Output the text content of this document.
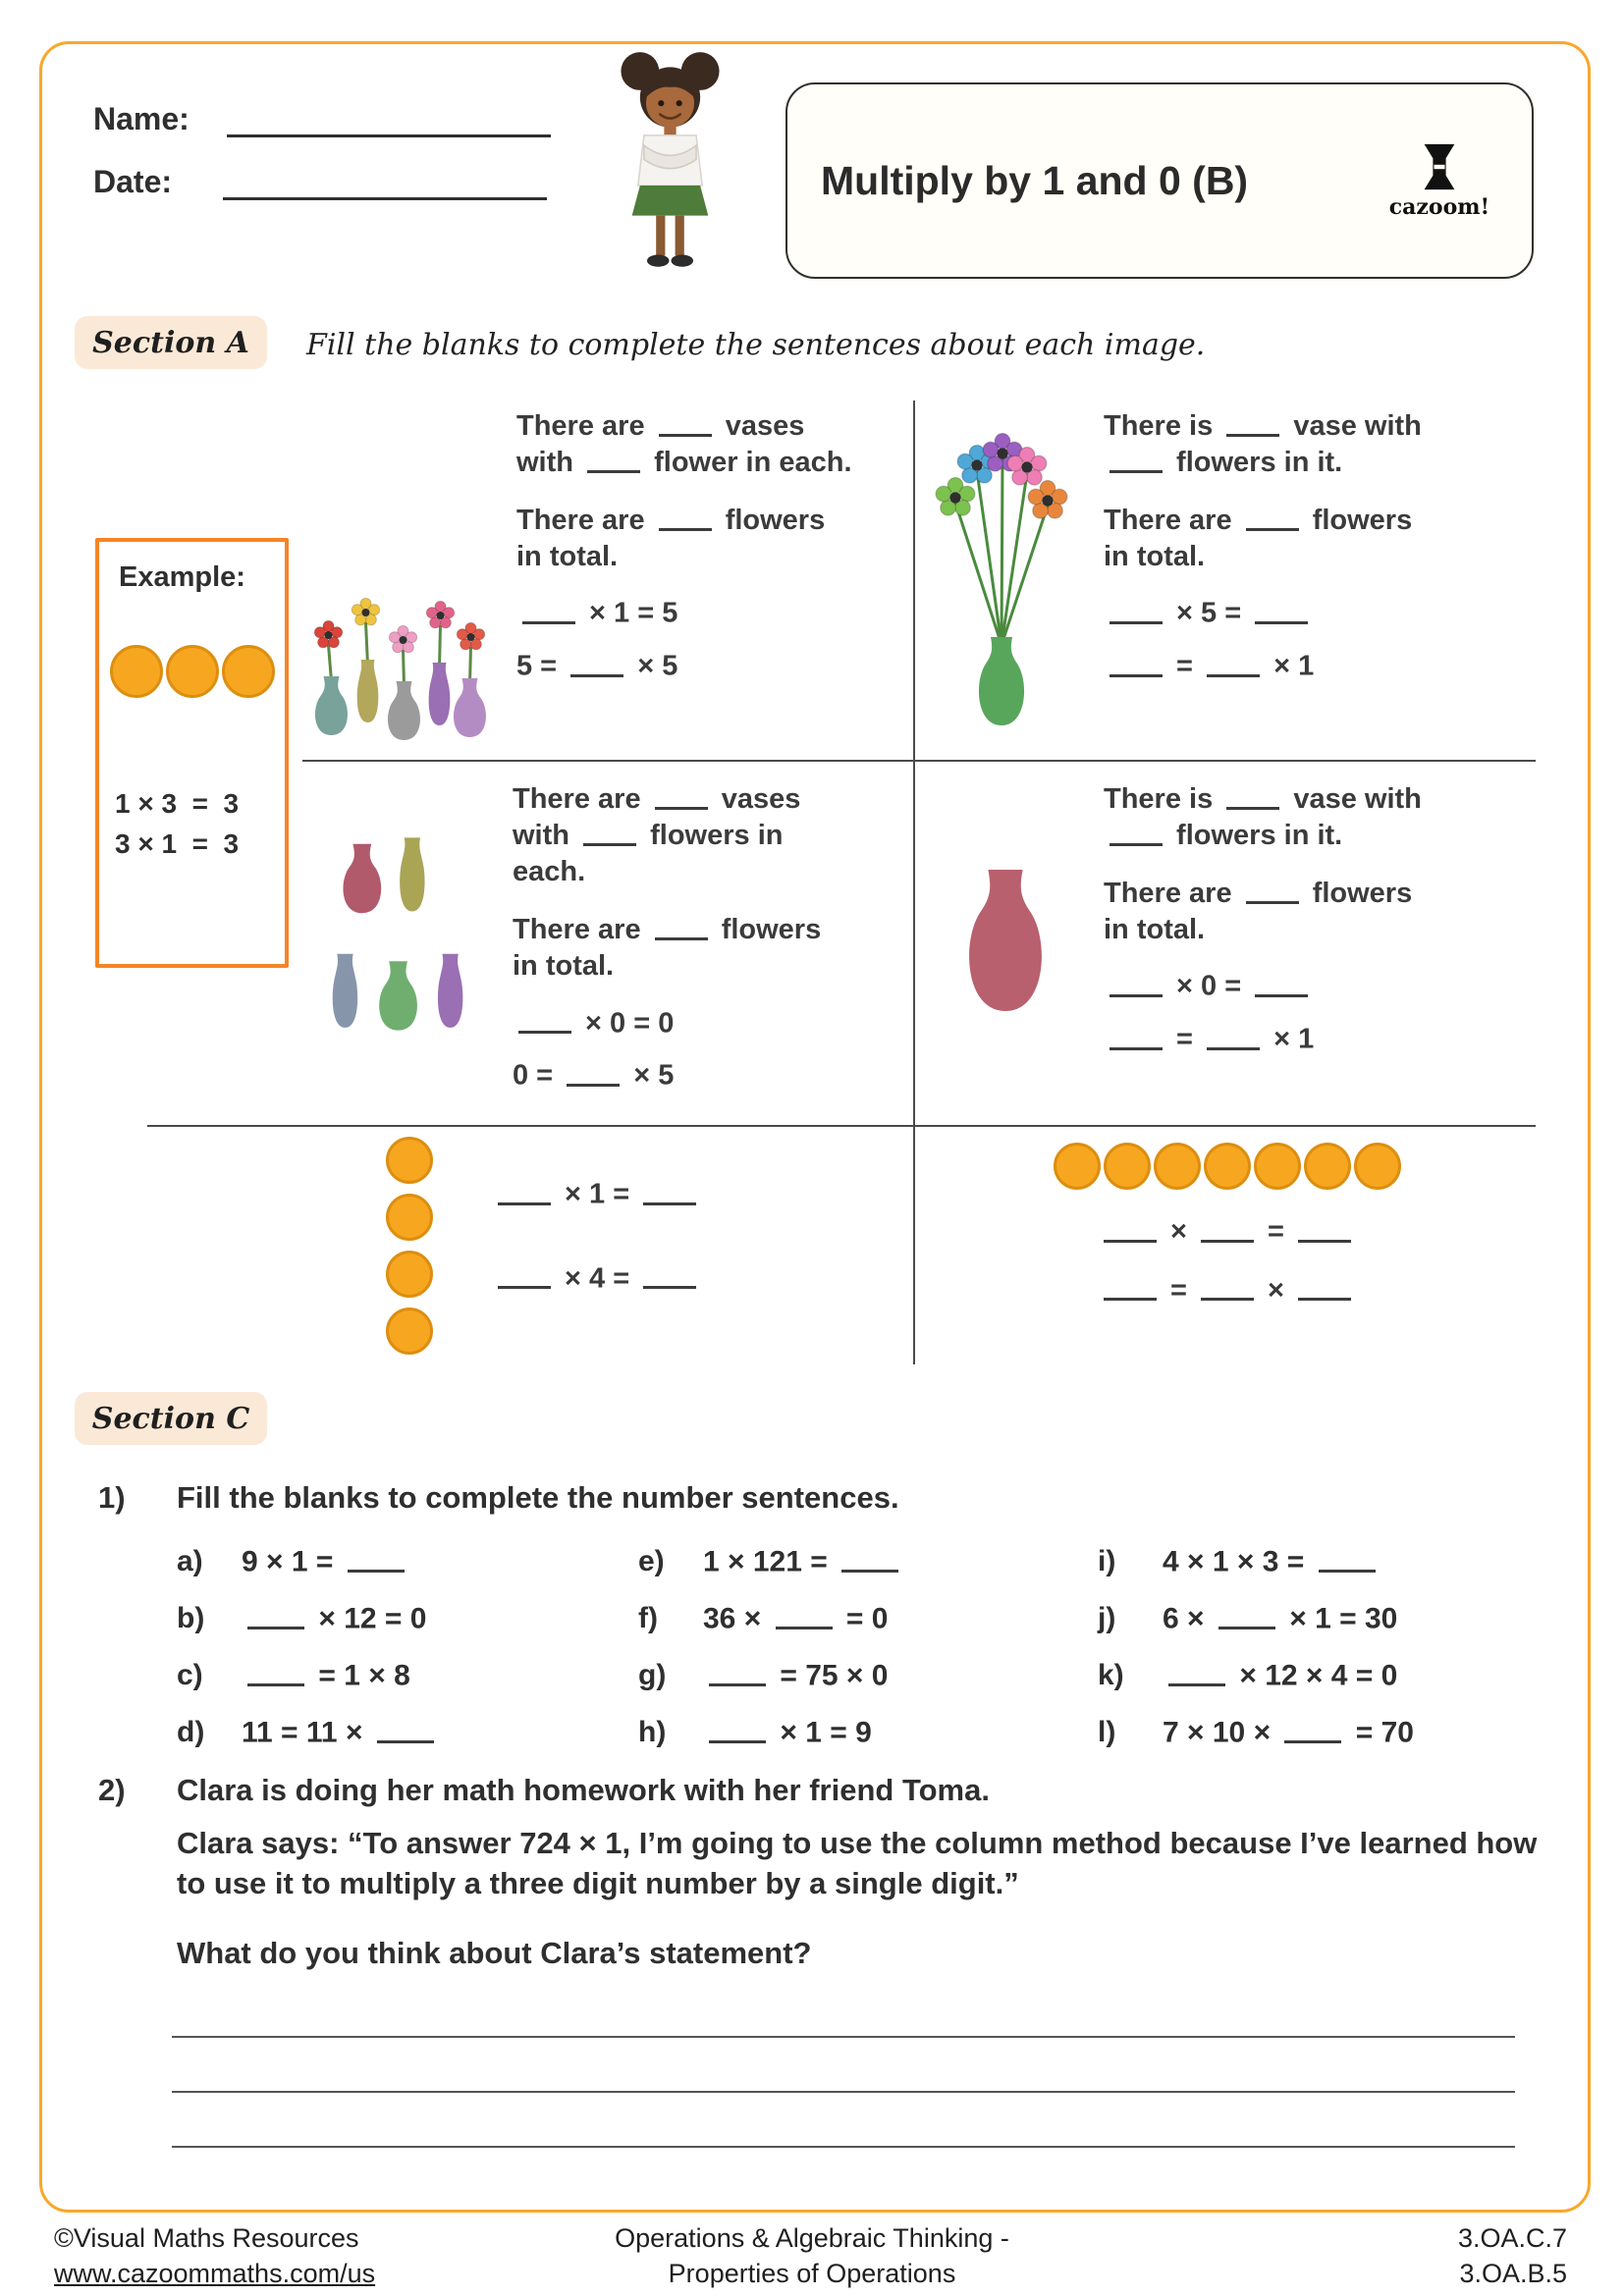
Name:
Date:	Multiply by 1 and 0 (B)
cazoom!
Section A Fill the blanks to complete the sentences about each image.
Example:
1 × 3  =  3
3 × 1  =  3

There are  vases with  flower in each.

There are  flowers in total.

× 1 = 5

5 =  × 5

There is  vase with  flowers in it.

There are  flowers in total.

× 5 =

=  × 1

There are  vases with  flowers in each.

There are  flowers in total.

× 0 = 0

0 =  × 5

There is  vase with  flowers in it.

There are  flowers in total.

× 0 =

=  × 1

× 1 =

× 4 =

×  =

=  ×

Section C
1) Fill the blanks to complete the number sentences.
a)	9 × 1 =
b)	× 12 = 0
c)	= 1 × 8
d)	11 = 11 ×
e)	1 × 121 =
f)	36 ×  = 0
g)	= 75 × 0
h)	× 1 = 9
i)	4 × 1 × 3 =
j)	6 ×  × 1 = 30
k)	× 12 × 4 = 0
l)	7 × 10 ×  = 70
2) Clara is doing her math homework with her friend Toma.
Clara says: “To answer 724 × 1, I’m going to use the column method because I’ve learned how to use it to multiply a three digit number by a single digit.”
What do you think about Clara’s statement?
©Visual Maths Resources
www.cazoommaths.com/us
Operations & Algebraic Thinking -
Properties of Operations
3.OA.C.7
3.OA.B.5
